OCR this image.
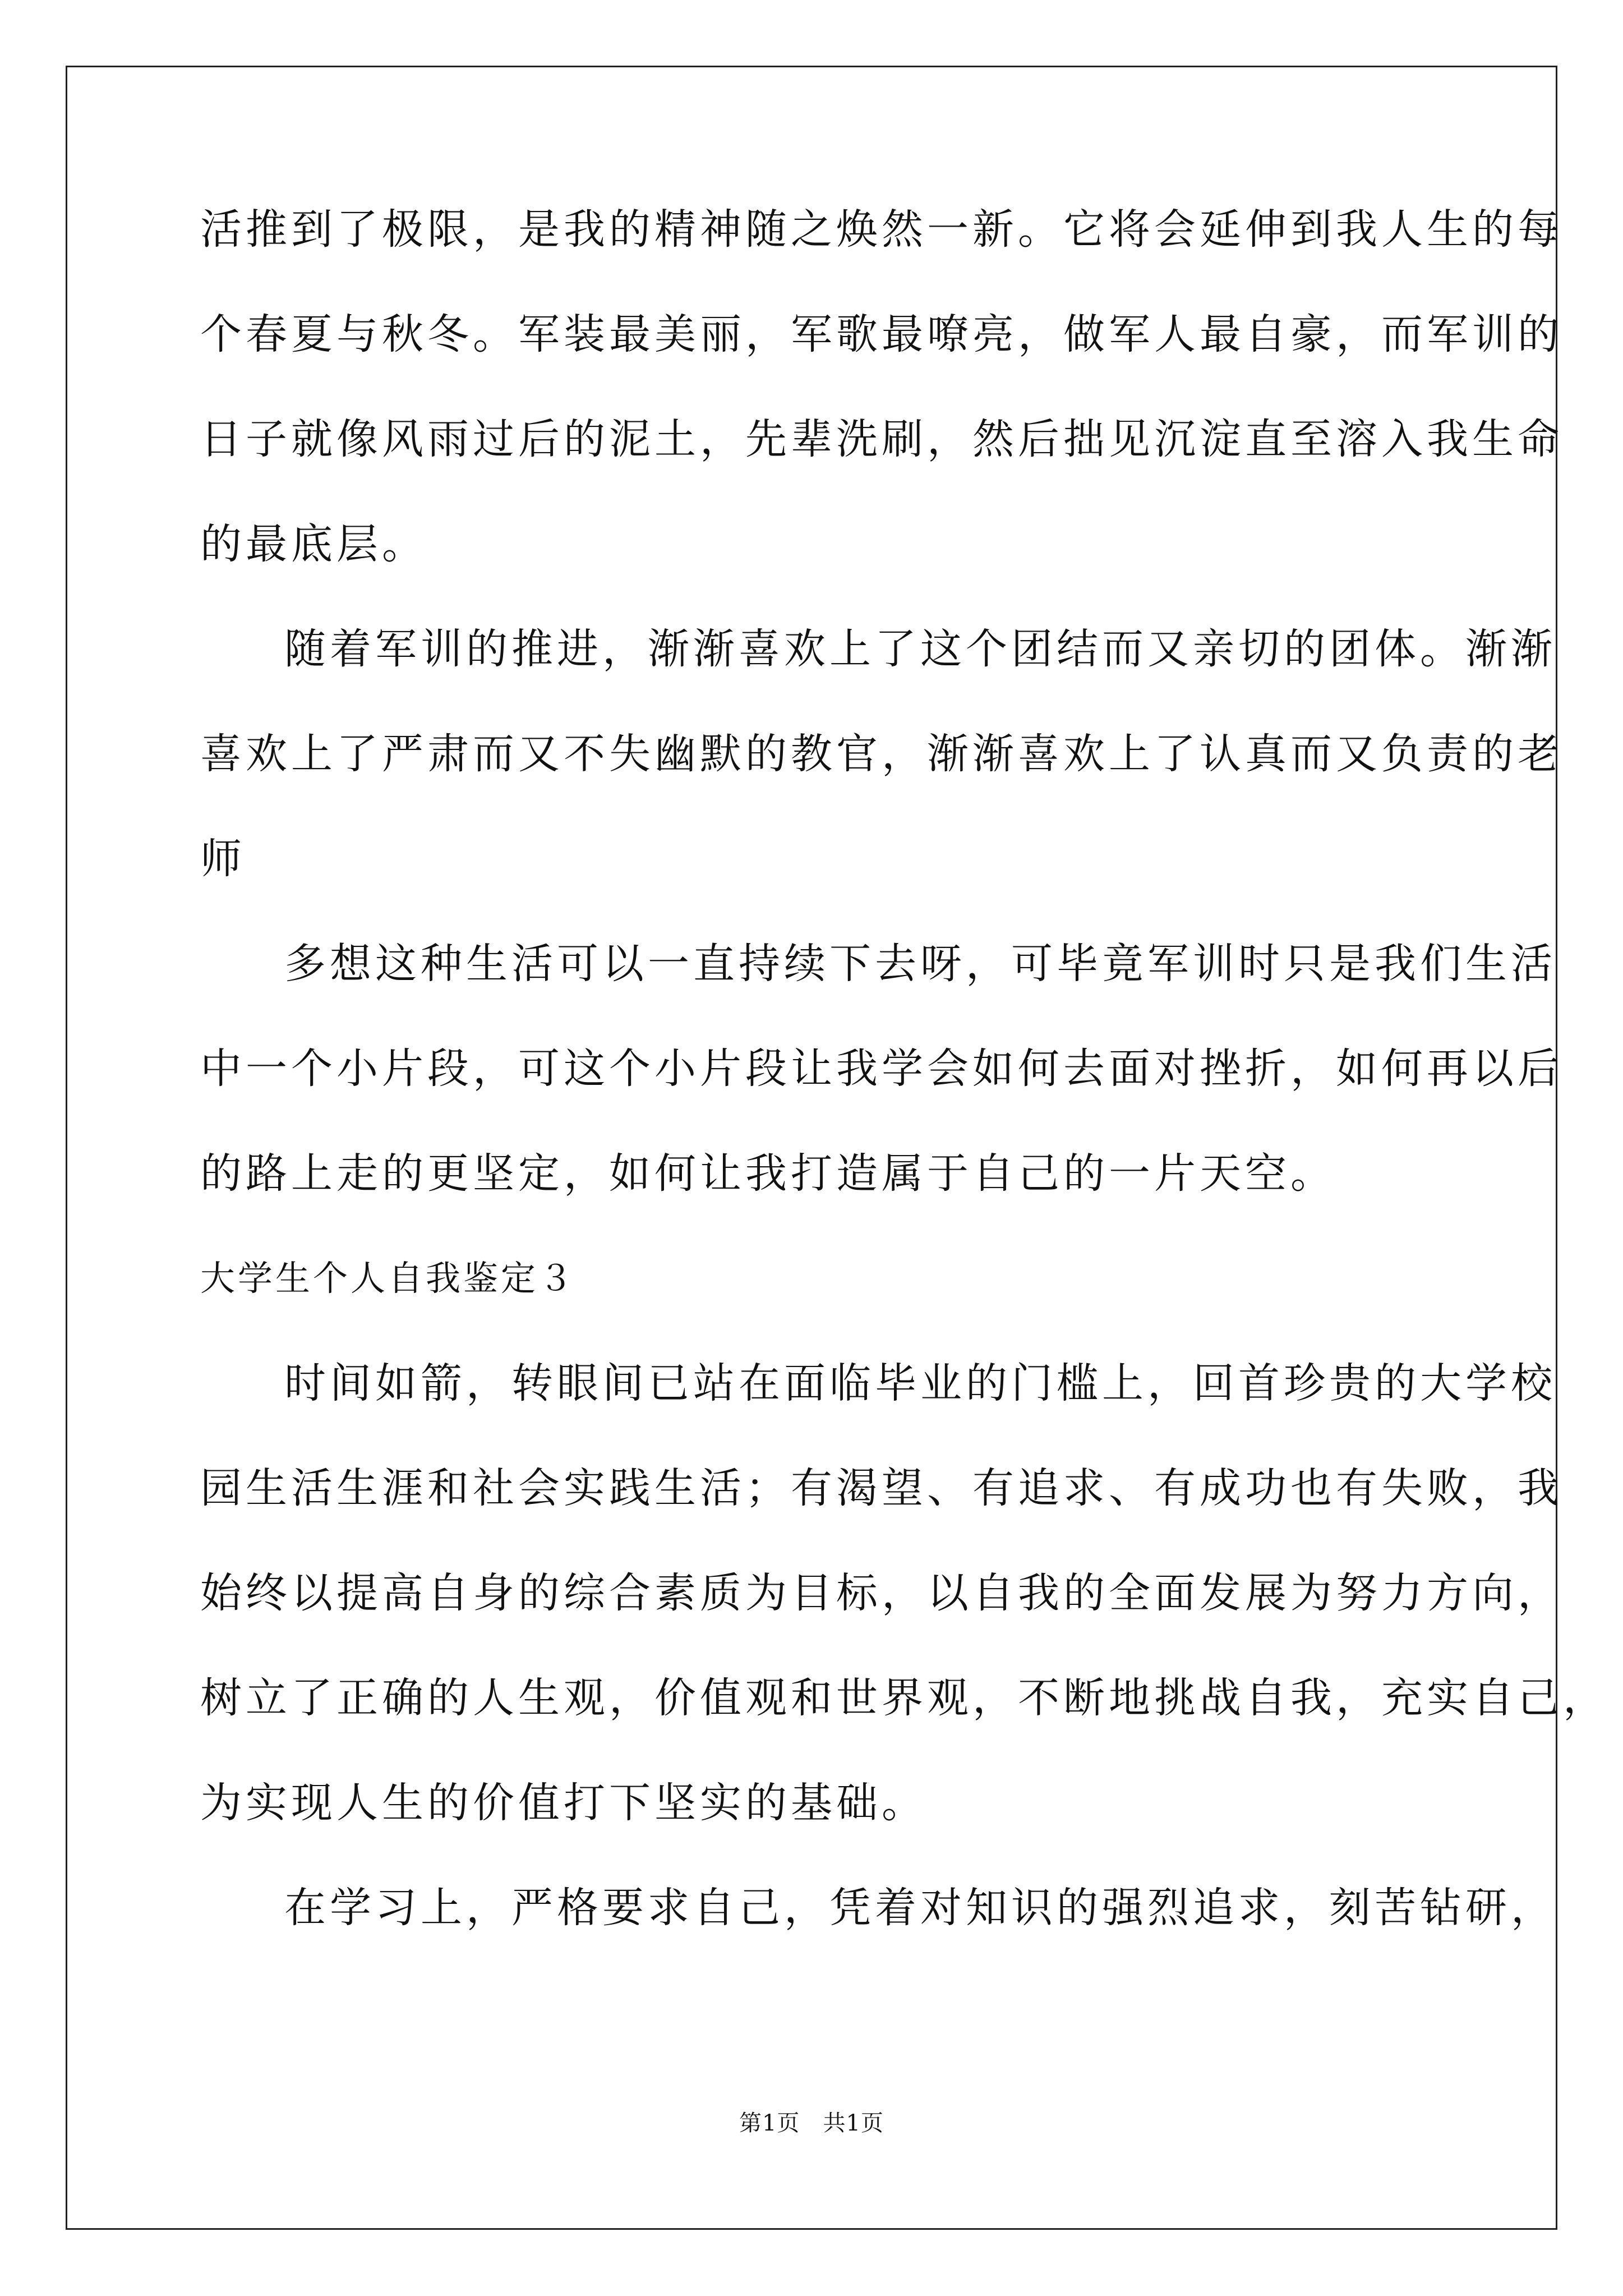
活推到了极限，是我的精神随之焕然一新。它将会延伸到我人生的每
个春夏与秋冬。军装最美丽，军歌最嘹亮，做军人最自豪，而军训的
日子就像风雨过后的泥土，先辈洗刷，然后拙见沉淀直至溶入我生命
的最底层。
随着军训的推进，渐渐喜欢上了这个团结而又亲切的团体。渐渐
喜欢上了严肃而又不失幽默的教官，渐渐喜欢上了认真而又负责的老
师
多想这种生活可以一直持续下去呀，可毕竟军训时只是我们生活
中一个小片段，可这个小片段让我学会如何去面对挫折，如何再以后
的路上走的更坚定，如何让我打造属于自己的一片天空。
大学生个人自我鉴定３
时间如箭，转眼间已站在面临毕业的门槛上，回首珍贵的大学校
园生活生涯和社会实践生活；有渴望、有追求、有成功也有失败，我
始终以提高自身的综合素质为目标，以自我的全面发展为努力方向，
树立了正确的人生观，价值观和世界观，不断地挑战自我，充实自己，
为实现人生的价值打下坚实的基础。
在学习上，严格要求自己，凭着对知识的强烈追求，刻苦钻研，
第1页   共1页
